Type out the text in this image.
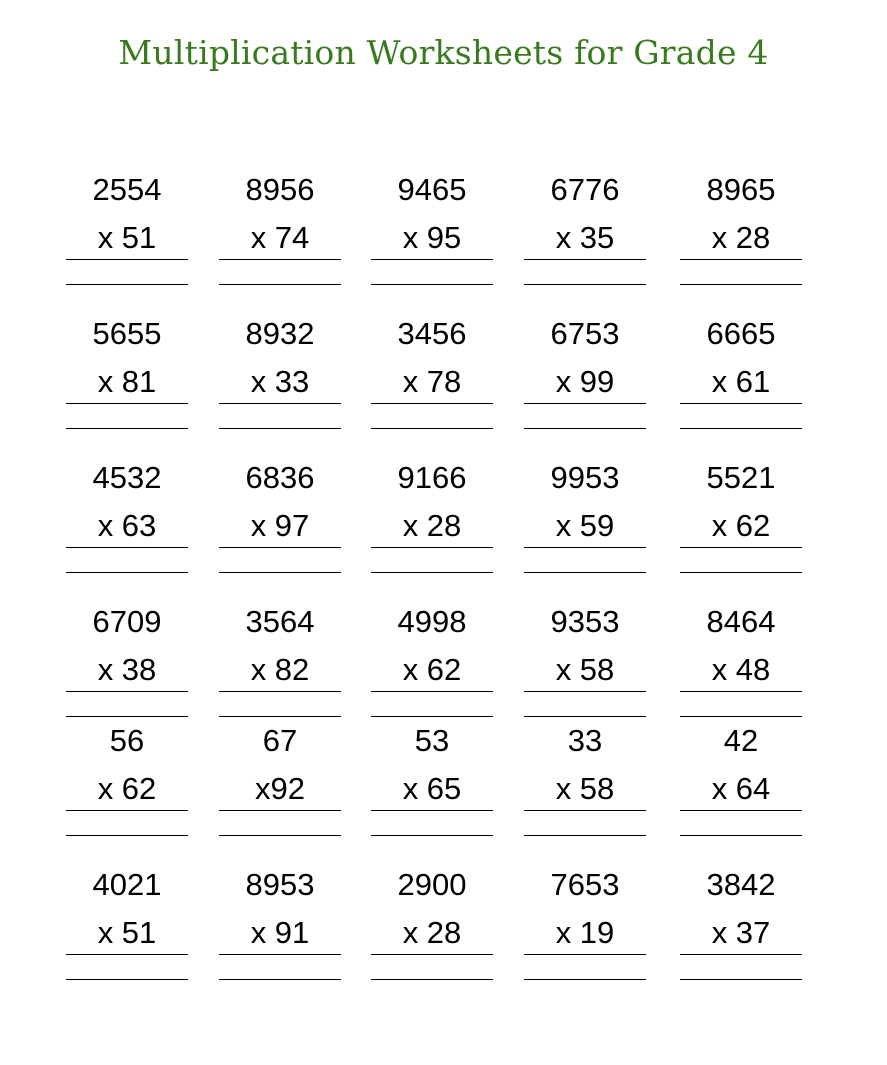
Multiplication Worksheets for Grade 4
2554
x 51
8956
x 74
9465
x 95
6776
x 35
8965
x 28
5655
x 81
8932
x 33
3456
x 78
6753
x 99
6665
x 61
4532
x 63
6836
x 97
9166
x 28
9953
x 59
5521
x 62
6709
x 38
3564
x 82
4998
x 62
9353
x 58
8464
x 48
56
x 62
67
x92
53
x 65
33
x 58
42
x 64
4021
x 51
8953
x 91
2900
x 28
7653
x 19
3842
x 37
